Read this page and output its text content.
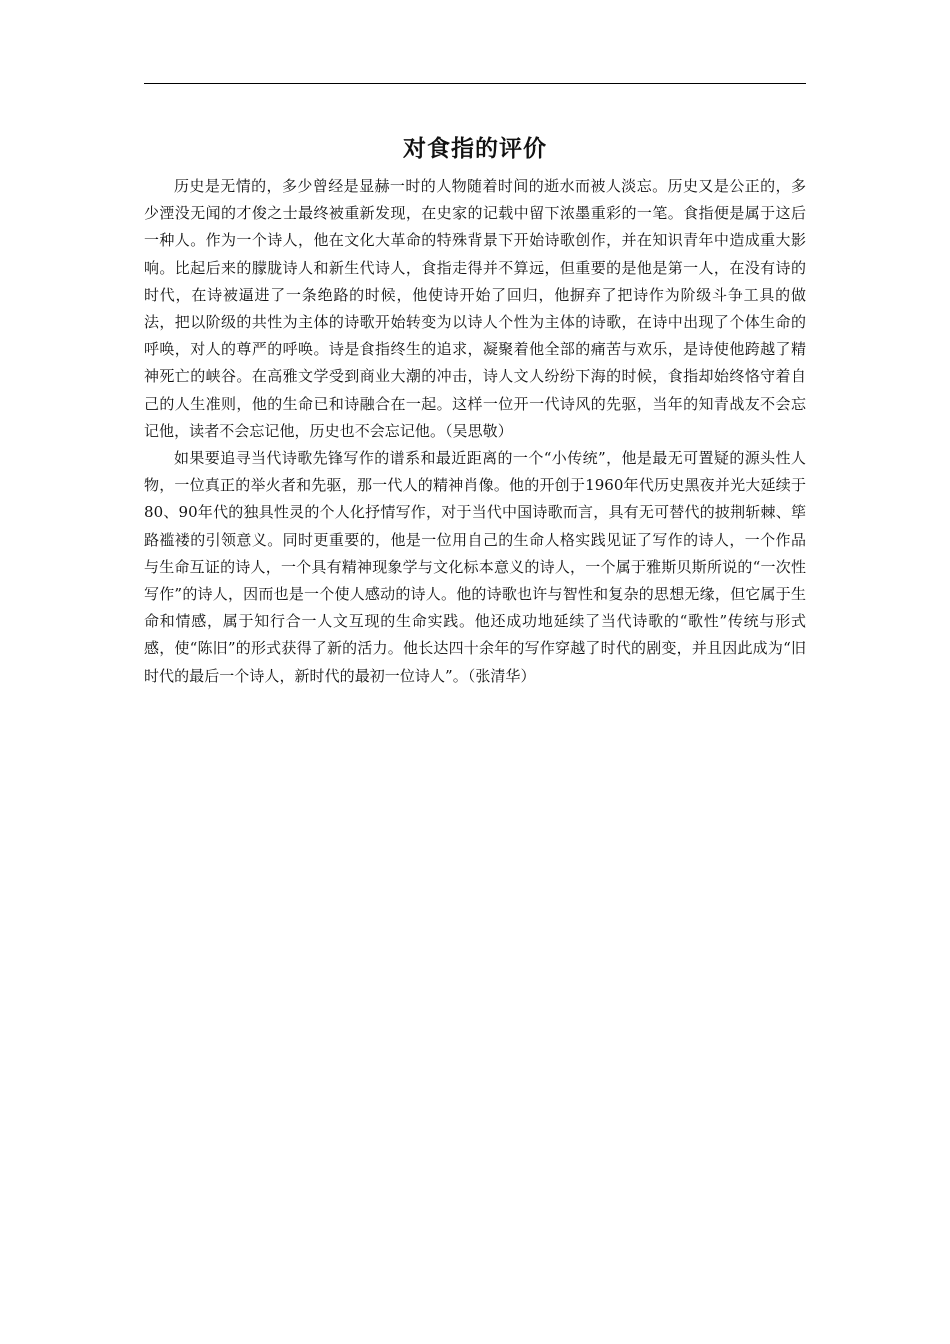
对食指的评价

历史是无情的，多少曾经是显赫一时的人物随着时间的逝水而被人淡忘。历史又是公正的，多少湮没无闻的才俊之士最终被重新发现，在史家的记载中留下浓墨重彩的一笔。食指便是属于这后一种人。作为一个诗人，他在文化大革命的特殊背景下开始诗歌创作，并在知识青年中造成重大影响。比起后来的朦胧诗人和新生代诗人，食指走得并不算远，但重要的是他是第一人，在没有诗的时代，在诗被逼进了一条绝路的时候，他使诗开始了回归，他摒弃了把诗作为阶级斗争工具的做法，把以阶级的共性为主体的诗歌开始转变为以诗人个性为主体的诗歌，在诗中出现了个体生命的呼唤，对人的尊严的呼唤。诗是食指终生的追求，凝聚着他全部的痛苦与欢乐，是诗使他跨越了精神死亡的峡谷。在高雅文学受到商业大潮的冲击，诗人文人纷纷下海的时候，食指却始终恪守着自己的人生准则，他的生命已和诗融合在一起。这样一位开一代诗风的先驱，当年的知青战友不会忘记他，读者不会忘记他，历史也不会忘记他。（吴思敬）

如果要追寻当代诗歌先锋写作的谱系和最近距离的一个“小传统”，他是最无可置疑的源头性人物，一位真正的举火者和先驱，那一代人的精神肖像。他的开创于1960年代历史黑夜并光大延续于80、90年代的独具性灵的个人化抒情写作，对于当代中国诗歌而言，具有无可替代的披荆斩棘、筚路褴褛的引领意义。同时更重要的，他是一位用自己的生命人格实践见证了写作的诗人，一个作品与生命互证的诗人，一个具有精神现象学与文化标本意义的诗人，一个属于雅斯贝斯所说的“一次性写作”的诗人，因而也是一个使人感动的诗人。他的诗歌也许与智性和复杂的思想无缘，但它属于生命和情感，属于知行合一人文互现的生命实践。他还成功地延续了当代诗歌的“歌性”传统与形式感，使“陈旧”的形式获得了新的活力。他长达四十余年的写作穿越了时代的剧变，并且因此成为“旧时代的最后一个诗人，新时代的最初一位诗人”。（张清华）
